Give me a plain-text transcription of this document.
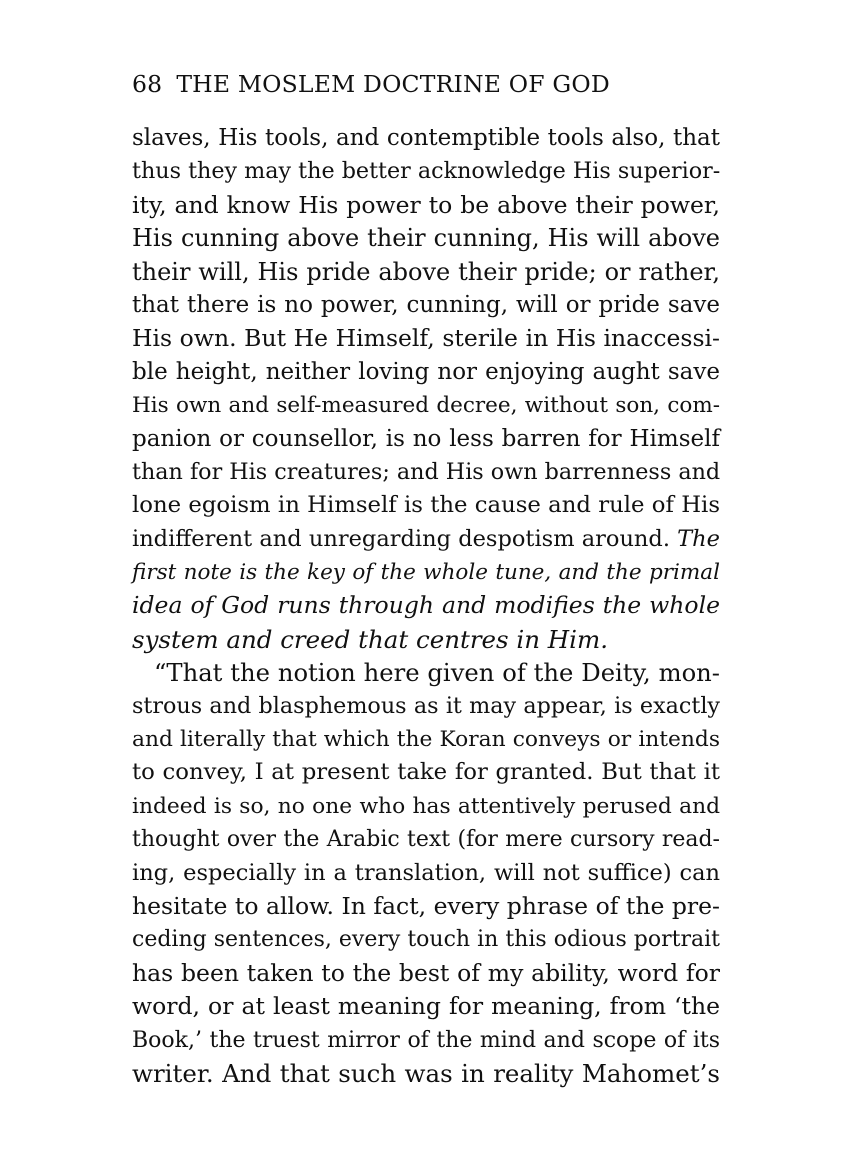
68 THE MOSLEM DOCTRINE OF GOD
slaves, His tools, and contemptible tools also, that
thus they may the better acknowledge His superior-
ity, and know His power to be above their power,
His cunning above their cunning, His will above
their will, His pride above their pride; or rather,
that there is no power, cunning, will or pride save
His own. But He Himself, sterile in His inaccessi-
ble height, neither loving nor enjoying aught save
His own and self-measured decree, without son, com-
panion or counsellor, is no less barren for Himself
than for His creatures; and His own barrenness and
lone egoism in Himself is the cause and rule of His
indifferent and unregarding despotism around. The
first note is the key of the whole tune, and the primal
idea of God runs through and modifies the whole
system and creed that centres in Him.
“That the notion here given of the Deity, mon-
strous and blasphemous as it may appear, is exactly
and literally that which the Koran conveys or intends
to convey, I at present take for granted. But that it
indeed is so, no one who has attentively perused and
thought over the Arabic text (for mere cursory read-
ing, especially in a translation, will not suffice) can
hesitate to allow. In fact, every phrase of the pre-
ceding sentences, every touch in this odious portrait
has been taken to the best of my ability, word for
word, or at least meaning for meaning, from ‘the
Book,’ the truest mirror of the mind and scope of its
writer. And that such was in reality Mahomet’s
